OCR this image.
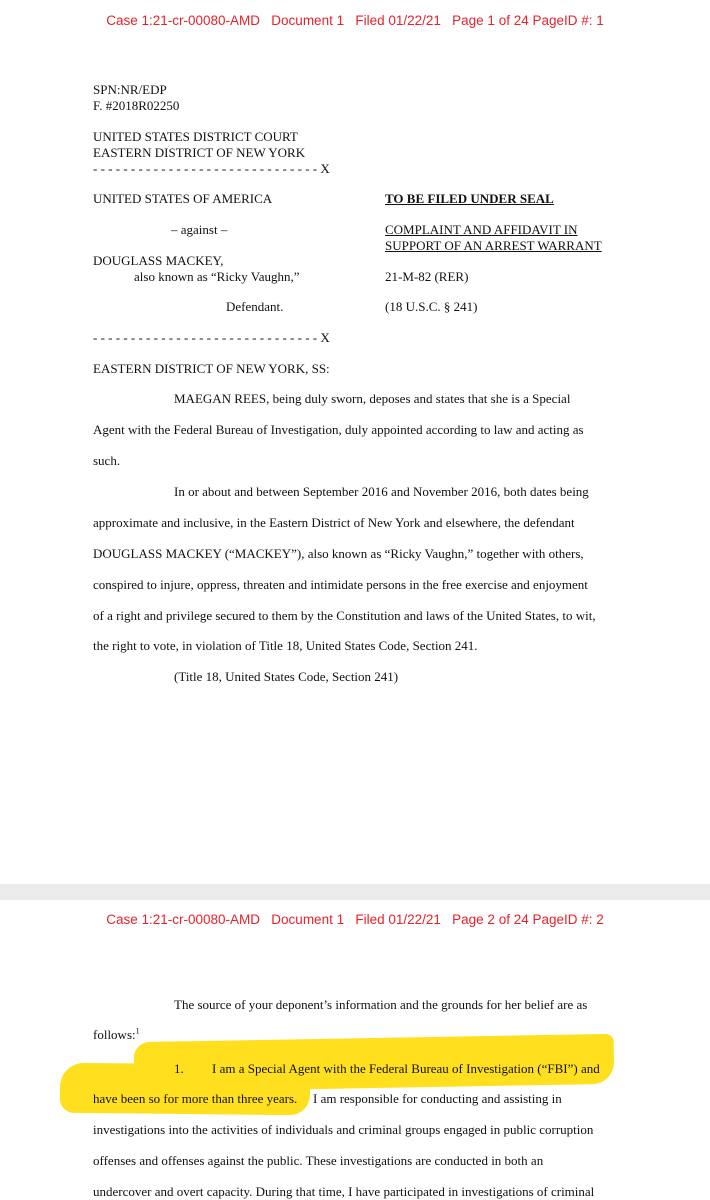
Case 1:21-cr-00080-AMD   Document 1   Filed 01/22/21   Page 1 of 24 PageID #: 1
SPN:NR/EDP
F. #2018R02250
UNITED STATES DISTRICT COURT
EASTERN DISTRICT OF NEW YORK
- - - - - - - - - - - - - - - - - - - - - - - - - - - - - - X
UNITED STATES OF AMERICA
– against –
DOUGLASS MACKEY,
also known as “Ricky Vaughn,”
Defendant.
TO BE FILED UNDER SEAL
COMPLAINT AND AFFIDAVIT IN
SUPPORT OF AN ARREST WARRANT
21-M-82 (RER)
(18 U.S.C. § 241)
- - - - - - - - - - - - - - - - - - - - - - - - - - - - - - X
EASTERN DISTRICT OF NEW YORK, SS:
MAEGAN REES, being duly sworn, deposes and states that she is a Special
Agent with the Federal Bureau of Investigation, duly appointed according to law and acting as
such.
In or about and between September 2016 and November 2016, both dates being
approximate and inclusive, in the Eastern District of New York and elsewhere, the defendant
DOUGLASS MACKEY (“MACKEY”), also known as “Ricky Vaughn,” together with others,
conspired to injure, oppress, threaten and intimidate persons in the free exercise and enjoyment
of a right and privilege secured to them by the Constitution and laws of the United States, to wit,
the right to vote, in violation of Title 18, United States Code, Section 241.
(Title 18, United States Code, Section 241)
Case 1:21-cr-00080-AMD   Document 1   Filed 01/22/21   Page 2 of 24 PageID #: 2
The source of your deponent’s information and the grounds for her belief are as
follows:$^1$
1. I am a Special Agent with the Federal Bureau of Investigation (“FBI”) and
have been so for more than three years. I am responsible for conducting and assisting in
investigations into the activities of individuals and criminal groups engaged in public corruption
offenses and offenses against the public. These investigations are conducted in both an
undercover and overt capacity. During that time, I have participated in investigations of criminal
